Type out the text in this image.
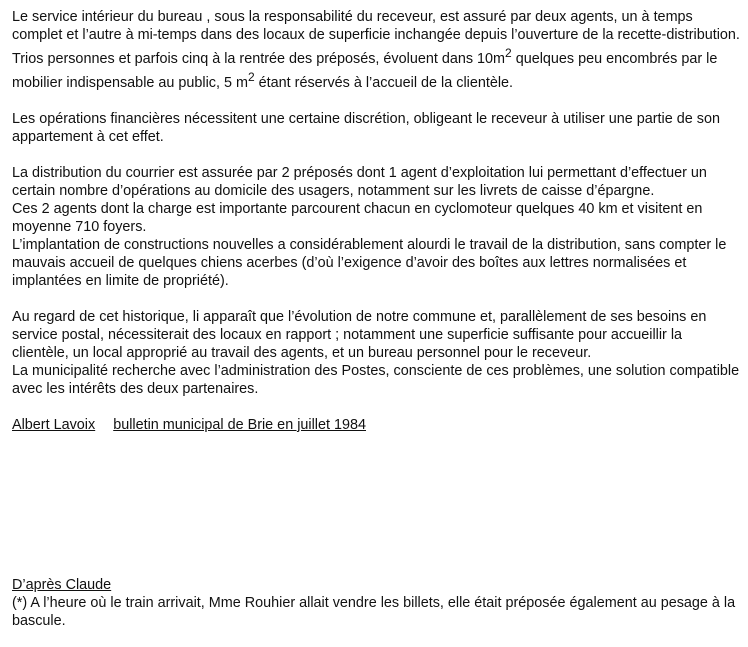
Le service intérieur du bureau , sous la responsabilité du receveur, est assuré par deux agents, un à temps complet et l’autre à mi-temps dans des locaux de superficie inchangée depuis l’ouverture de la recette-distribution. Trios personnes et parfois cinq à la rentrée des préposés, évoluent dans $10m^2$ quelques peu encombrés par le mobilier indispensable au public, 5 $m^2$ étant réservés à l’accueil de la clientèle.

Les opérations financières nécessitent une certaine discrétion, obligeant le receveur à utiliser une partie de son appartement à cet effet.

La distribution du courrier est assurée par 2 préposés dont 1 agent d’exploitation lui permettant d’effectuer un certain nombre d’opérations au domicile des usagers, notamment sur les livrets de caisse d’épargne.

Ces 2 agents dont la charge est importante parcourent chacun en cyclomoteur quelques 40 km et visitent en moyenne 710 foyers.

L’implantation de constructions nouvelles a considérablement alourdi le travail de la distribution, sans compter le mauvais accueil de quelques chiens acerbes (d’où l’exigence d’avoir des boîtes aux lettres normalisées et implantées en limite de propriété).

Au regard de cet historique, li apparaît que l’évolution de notre commune et, parallèlement de ses besoins en service postal, nécessiterait des locaux en rapport ; notamment une superficie suffisante pour accueillir la clientèle, un local approprié au travail des agents, et un bureau personnel pour le receveur.

La municipalité recherche avec l’administration des Postes, consciente de ces problèmes, une solution compatible avec les intérêts des deux partenaires.

Albert Lavoix bulletin municipal de Brie en juillet 1984

D’après Claude

(*) A l’heure où le train arrivait, Mme Rouhier allait vendre les billets, elle était préposée également au pesage à la bascule.
